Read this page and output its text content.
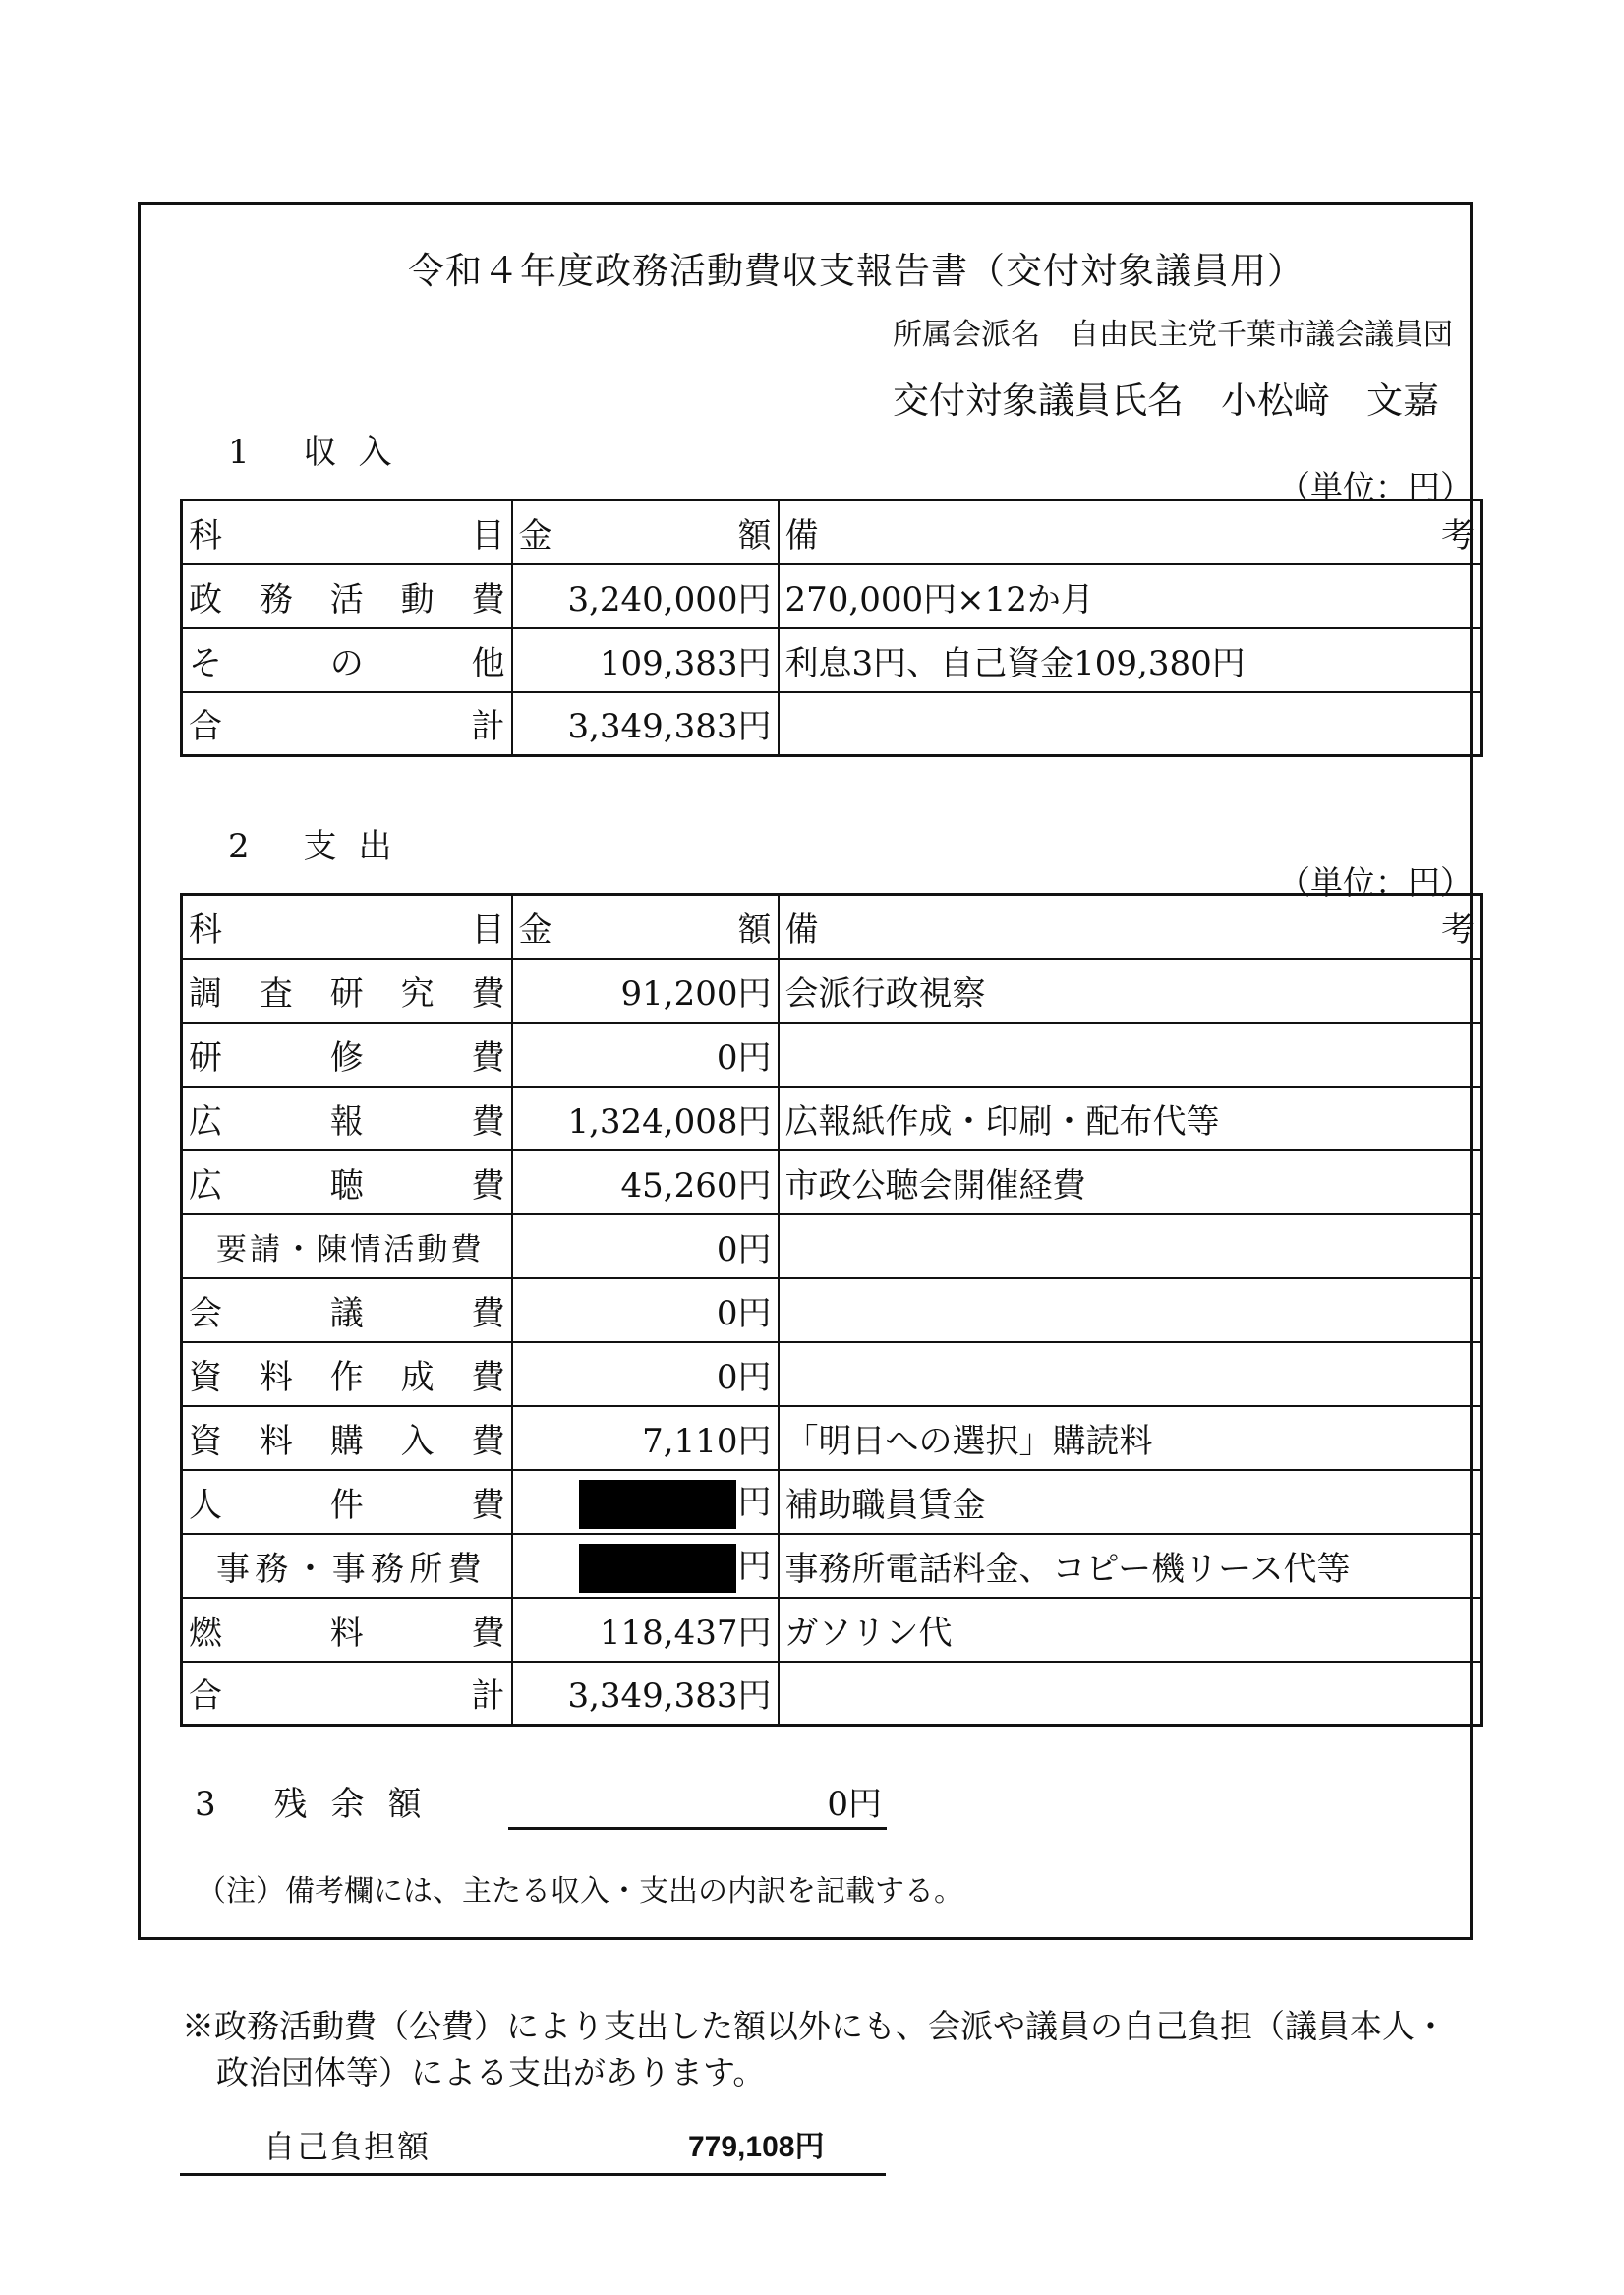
令和４年度政務活動費収支報告書（交付対象議員用）
所属会派名 自由民主党千葉市議会議員団
交付対象議員氏名 小松﨑　文嘉
1 収入
（単位：円）
科目	金額	備考
政務活動費	3,240,000円	270,000円×12か月
その他	109,383円	利息3円、自己資金109,380円
合計	3,349,383円	
2 支出
（単位：円）
科目	金額	備考
調査研究費	91,200円	会派行政視察
研修費	0円	
広報費	1,324,008円	広報紙作成・印刷・配布代等
広聴費	45,260円	市政公聴会開催経費
要請・陳情活動費	0円	
会議費	0円	
資料作成費	0円	
資料購入費	7,110円	「明日への選択」購読料
人件費	円	補助職員賃金
事務・事務所費	円	事務所電話料金、コピー機リース代等
燃料費	118,437円	ガソリン代
合計	3,349,383円	
3 残余額	0円
（注）備考欄には、主たる収入・支出の内訳を記載する。
※政務活動費（公費）により支出した額以外にも、会派や議員の自己負担（議員本人・
政治団体等）による支出があります。
自己負担額	779,108円
